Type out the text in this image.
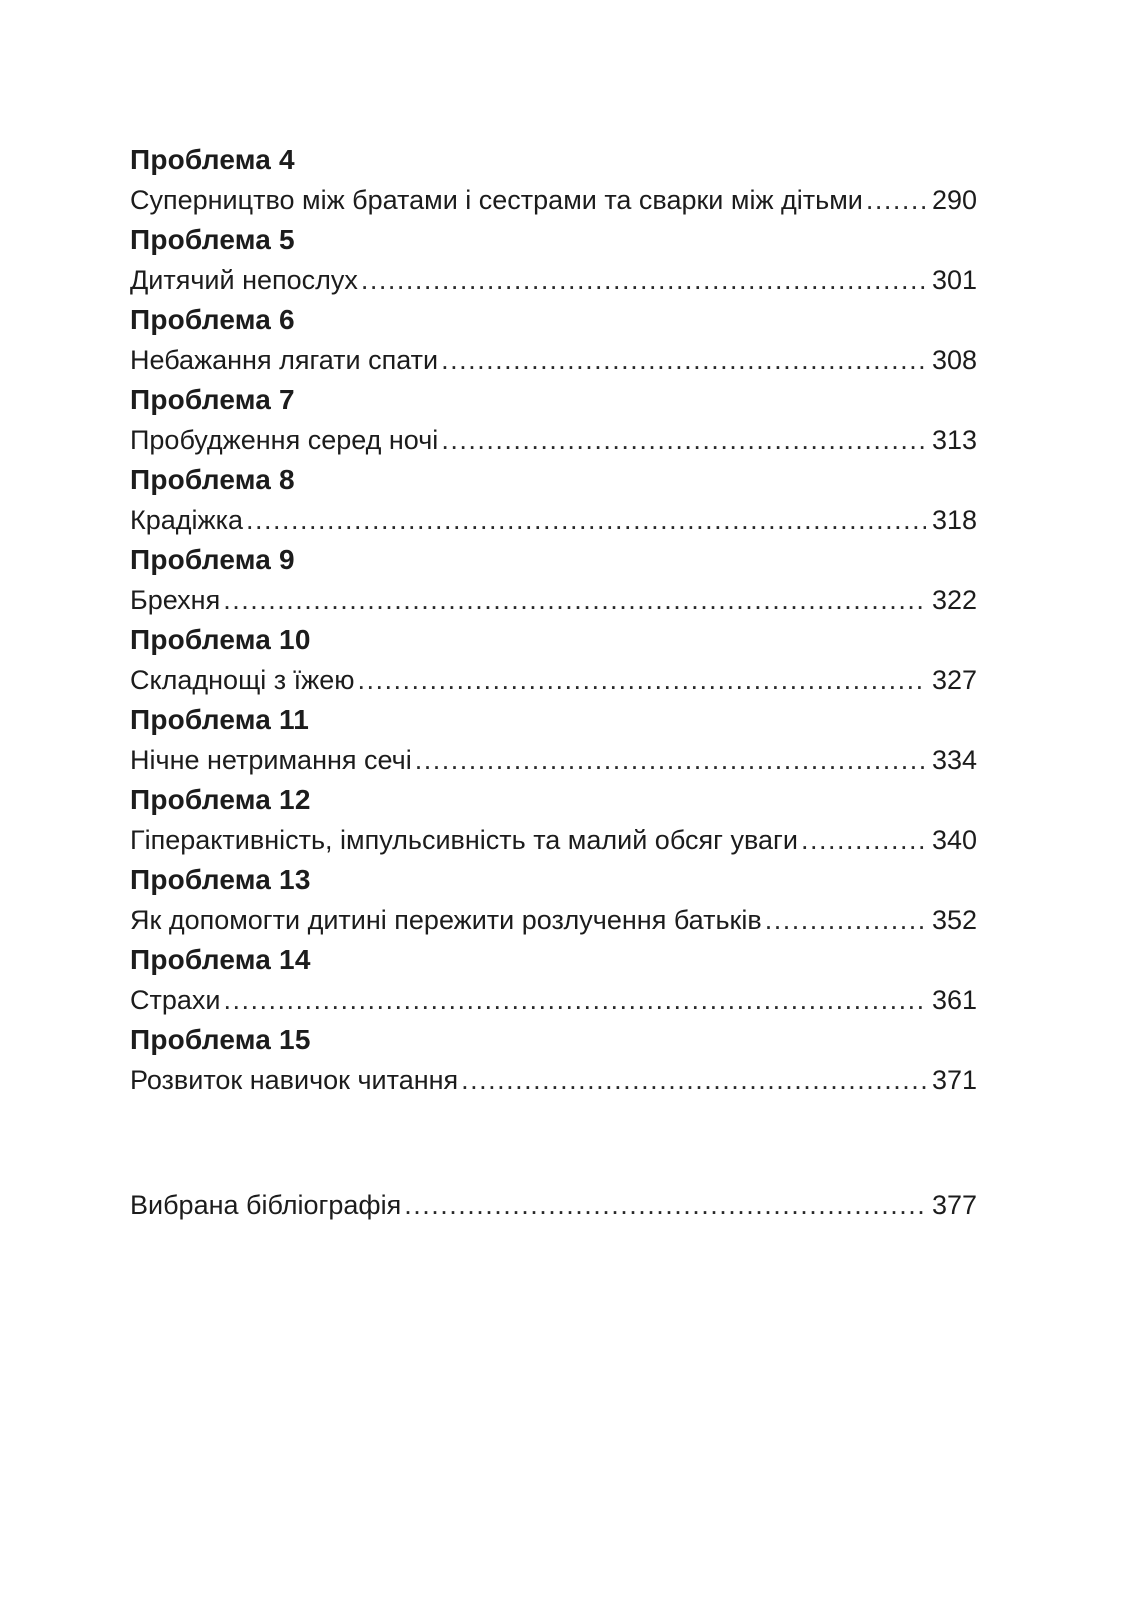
Проблема 4
Суперництво між братами і сестрами та сварки між дітьми .....	290
Проблема 5
Дитячий непослух .....	301
Проблема 6
Небажання лягати спати .....	308
Проблема 7
Пробудження серед ночі .....	313
Проблема 8
Крадіжка .....	318
Проблема 9
Брехня .....	322
Проблема 10
Складнощі з їжею .....	327
Проблема 11
Нічне нетримання сечі .....	334
Проблема 12
Гіперактивність, імпульсивність та малий обсяг уваги .....	340
Проблема 13
Як допомогти дитині пережити розлучення батьків .....	352
Проблема 14
Страхи .....	361
Проблема 15
Розвиток навичок читання .....	371
Вибрана бібліографія .....	377
